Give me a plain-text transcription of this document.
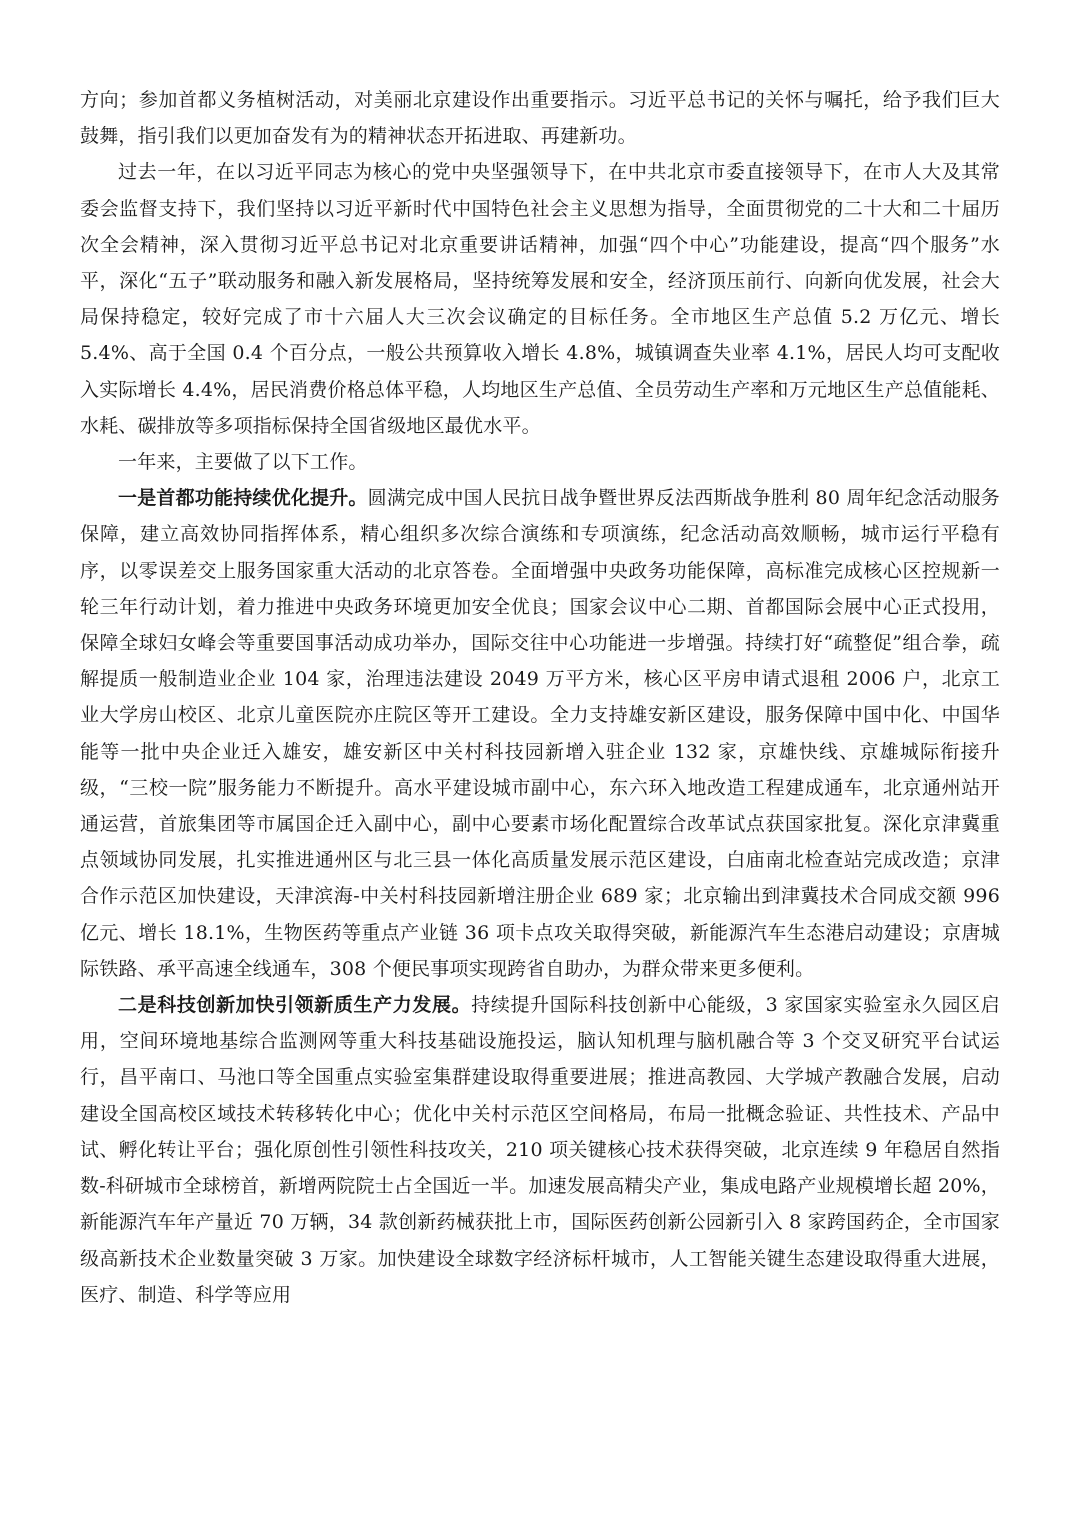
方向；参加首都义务植树活动，对美丽北京建设作出重要指示。习近平总书记的关怀与嘱托，给予我们巨大鼓舞，指引我们以更加奋发有为的精神状态开拓进取、再建新功。

过去一年，在以习近平同志为核心的党中央坚强领导下，在中共北京市委直接领导下，在市人大及其常委会监督支持下，我们坚持以习近平新时代中国特色社会主义思想为指导，全面贯彻党的二十大和二十届历次全会精神，深入贯彻习近平总书记对北京重要讲话精神，加强“四个中心”功能建设，提高“四个服务”水平，深化“五子”联动服务和融入新发展格局，坚持统筹发展和安全，经济顶压前行、向新向优发展，社会大局保持稳定，较好完成了市十六届人大三次会议确定的目标任务。全市地区生产总值 5.2 万亿元、增长 5.4%、高于全国 0.4 个百分点，一般公共预算收入增长 4.8%，城镇调查失业率 4.1%，居民人均可支配收入实际增长 4.4%，居民消费价格总体平稳，人均地区生产总值、全员劳动生产率和万元地区生产总值能耗、水耗、碳排放等多项指标保持全国省级地区最优水平。

一年来，主要做了以下工作。

一是首都功能持续优化提升。圆满完成中国人民抗日战争暨世界反法西斯战争胜利 80 周年纪念活动服务保障，建立高效协同指挥体系，精心组织多次综合演练和专项演练，纪念活动高效顺畅，城市运行平稳有序，以零误差交上服务国家重大活动的北京答卷。全面增强中央政务功能保障，高标准完成核心区控规新一轮三年行动计划，着力推进中央政务环境更加安全优良；国家会议中心二期、首都国际会展中心正式投用，保障全球妇女峰会等重要国事活动成功举办，国际交往中心功能进一步增强。持续打好“疏整促”组合拳，疏解提质一般制造业企业 104 家，治理违法建设 2049 万平方米，核心区平房申请式退租 2006 户，北京工业大学房山校区、北京儿童医院亦庄院区等开工建设。全力支持雄安新区建设，服务保障中国中化、中国华能等一批中央企业迁入雄安，雄安新区中关村科技园新增入驻企业 132 家，京雄快线、京雄城际衔接升级，“三校一院”服务能力不断提升。高水平建设城市副中心，东六环入地改造工程建成通车，北京通州站开通运营，首旅集团等市属国企迁入副中心，副中心要素市场化配置综合改革试点获国家批复。深化京津冀重点领域协同发展，扎实推进通州区与北三县一体化高质量发展示范区建设，白庙南北检查站完成改造；京津合作示范区加快建设，天津滨海-中关村科技园新增注册企业 689 家；北京输出到津冀技术合同成交额 996 亿元、增长 18.1%，生物医药等重点产业链 36 项卡点攻关取得突破，新能源汽车生态港启动建设；京唐城际铁路、承平高速全线通车，308 个便民事项实现跨省自助办，为群众带来更多便利。

二是科技创新加快引领新质生产力发展。持续提升国际科技创新中心能级，3 家国家实验室永久园区启用，空间环境地基综合监测网等重大科技基础设施投运，脑认知机理与脑机融合等 3 个交叉研究平台试运行，昌平南口、马池口等全国重点实验室集群建设取得重要进展；推进高教园、大学城产教融合发展，启动建设全国高校区域技术转移转化中心；优化中关村示范区空间格局，布局一批概念验证、共性技术、产品中试、孵化转让平台；强化原创性引领性科技攻关，210 项关键核心技术获得突破，北京连续 9 年稳居自然指数-科研城市全球榜首，新增两院院士占全国近一半。加速发展高精尖产业，集成电路产业规模增长超 20%，新能源汽车年产量近 70 万辆，34 款创新药械获批上市，国际医药创新公园新引入 8 家跨国药企，全市国家级高新技术企业数量突破 3 万家。加快建设全球数字经济标杆城市，人工智能关键生态建设取得重大进展，医疗、制造、科学等应用
